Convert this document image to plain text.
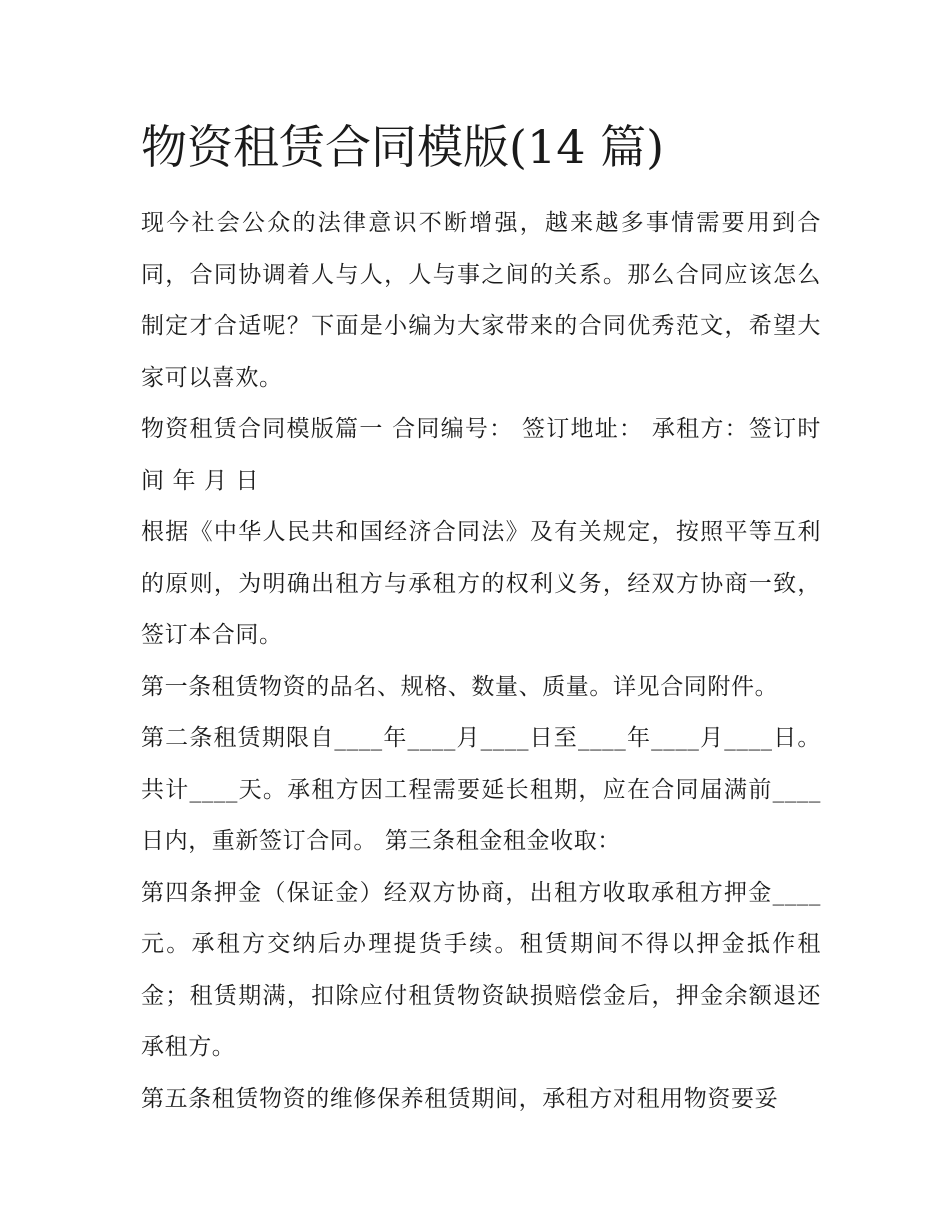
物资租赁合同模版(14 篇)

现今社会公众的法律意识不断增强，越来越多事情需要用到合同，合同协调着人与人，人与事之间的关系。那么合同应该怎么制定才合适呢？下面是小编为大家带来的合同优秀范文，希望大家可以喜欢。

物资租赁合同模版篇一 合同编号： 签订地址： 承租方：签订时间 年 月 日

根据《中华人民共和国经济合同法》及有关规定，按照平等互利的原则，为明确出租方与承租方的权利义务，经双方协商一致，签订本合同。

第一条租赁物资的品名、规格、数量、质量。详见合同附件。

第二条租赁期限自____年____月____日至____年____月____日。共计____天。承租方因工程需要延长租期，应在合同届满前____日内，重新签订合同。 第三条租金租金收取：

第四条押金（保证金）经双方协商，出租方收取承租方押金____元。承租方交纳后办理提货手续。租赁期间不得以押金抵作租金；租赁期满，扣除应付租赁物资缺损赔偿金后，押金余额退还承租方。

第五条租赁物资的维修保养租赁期间，承租方对租用物资要妥
